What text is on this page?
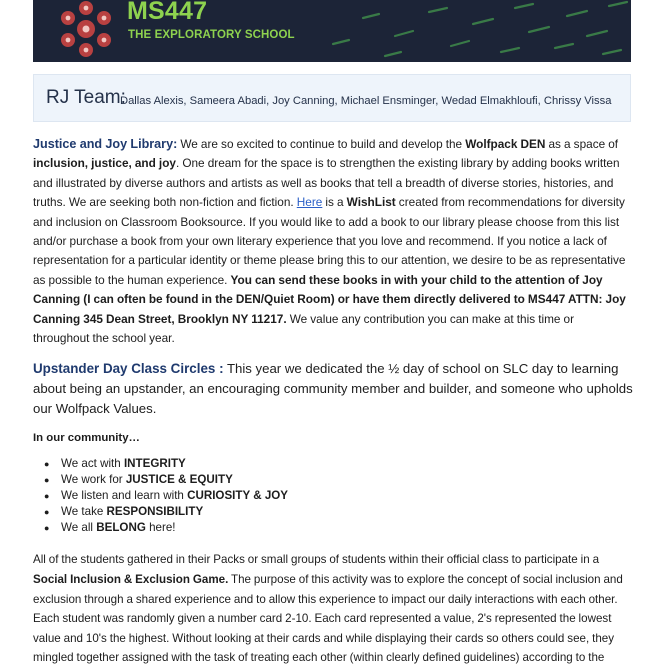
MS447
THE EXPLORATORY SCHOOL
RJ Team:
Dallas Alexis, Sameera Abadi, Joy Canning, Michael Ensminger, Wedad Elmakhloufi, Chrissy Vissa

Justice and Joy Library: We are so excited to continue to build and develop the Wolfpack DEN as a space of inclusion, justice, and joy. One dream for the space is to strengthen the existing library by adding books written and illustrated by diverse authors and artists as well as books that tell a breadth of diverse stories, histories, and truths. We are seeking both non-fiction and fiction. Here is a WishList created from recommendations for diversity and inclusion on Classroom Booksource. If you would like to add a book to our library please choose from this list and/or purchase a book from your own literary experience that you love and recommend. If you notice a lack of representation for a particular identity or theme please bring this to our attention, we desire to be as representative as possible to the human experience. You can send these books in with your child to the attention of Joy Canning (I can often be found in the DEN/Quiet Room) or have them directly delivered to MS447 ATTN: Joy Canning 345 Dean Street, Brooklyn NY 11217. We value any contribution you can make at this time or throughout the school year.

Upstander Day Class Circles : This year we dedicated the ½ day of school on SLC day to learning about being an upstander, an encouraging community member and builder, and someone who upholds our Wolfpack Values.

In our community…

● We act with INTEGRITY
● We work for JUSTICE & EQUITY
● We listen and learn with CURIOSITY & JOY
● We take RESPONSIBILITY
● We all BELONG here!

All of the students gathered in their Packs or small groups of students within their official class to participate in a Social Inclusion & Exclusion Game. The purpose of this activity was to explore the concept of social inclusion and exclusion through a shared experience and to allow this experience to impact our daily interactions with each other. Each student was randomly given a number card 2-10. Each card represented a value, 2's represented the lowest value and 10's the highest. Without looking at their cards and while displaying their cards so others could see, they mingled together assigned with the task of treating each other (within clearly defined guidelines) according to the
